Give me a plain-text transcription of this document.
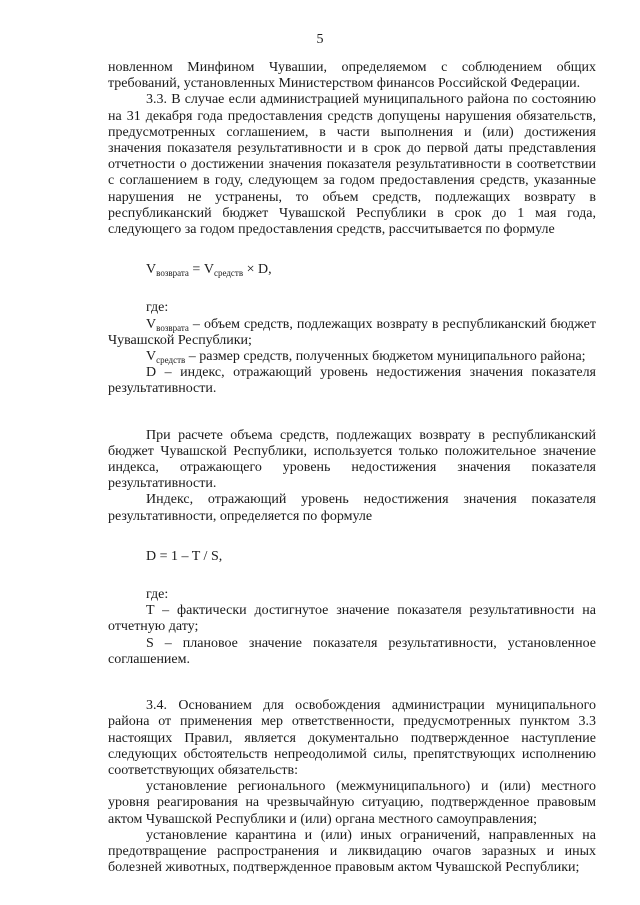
5

новленном Минфином Чувашии, определяемом с соблюдением общих требований, установленных Министерством финансов Российской Федерации.

3.3. В случае если администрацией муниципального района по состоянию на 31 декабря года предоставления средств допущены нарушения обязательств, предусмотренных соглашением, в части выполнения и (или) достижения значения показателя результативности и в срок до первой даты представления отчетности о достижении значения показателя результативности в соответствии с соглашением в году, следующем за годом предоставления средств, указанные нарушения не устранены, то объем средств, подлежащих возврату в республиканский бюджет Чувашской Республики в срок до 1 мая года, следующего за годом предоставления средств, рассчитывается по формуле

$V_{возврата} = V_{средств} \times D$,

где:

$V_{возврата}$ – объем средств, подлежащих возврату в республиканский бюджет Чувашской Республики;

$V_{средств}$ – размер средств, полученных бюджетом муниципального района;

D – индекс, отражающий уровень недостижения значения показателя результативности.

При расчете объема средств, подлежащих возврату в республиканский бюджет Чувашской Республики, используется только положительное значение индекса, отражающего уровень недостижения значения показателя результативности.

Индекс, отражающий уровень недостижения значения показателя результативности, определяется по формуле

D = 1 – T / S,

где:

T – фактически достигнутое значение показателя результативности на отчетную дату;

S – плановое значение показателя результативности, установленное соглашением.

3.4. Основанием для освобождения администрации муниципального района от применения мер ответственности, предусмотренных пунктом 3.3 настоящих Правил, является документально подтвержденное наступление следующих обстоятельств непреодолимой силы, препятствующих исполнению соответствующих обязательств:

установление регионального (межмуниципального) и (или) местного уровня реагирования на чрезвычайную ситуацию, подтвержденное правовым актом Чувашской Республики и (или) органа местного самоуправления;

установление карантина и (или) иных ограничений, направленных на предотвращение распространения и ликвидацию очагов заразных и иных болезней животных, подтвержденное правовым актом Чувашской Республики;
